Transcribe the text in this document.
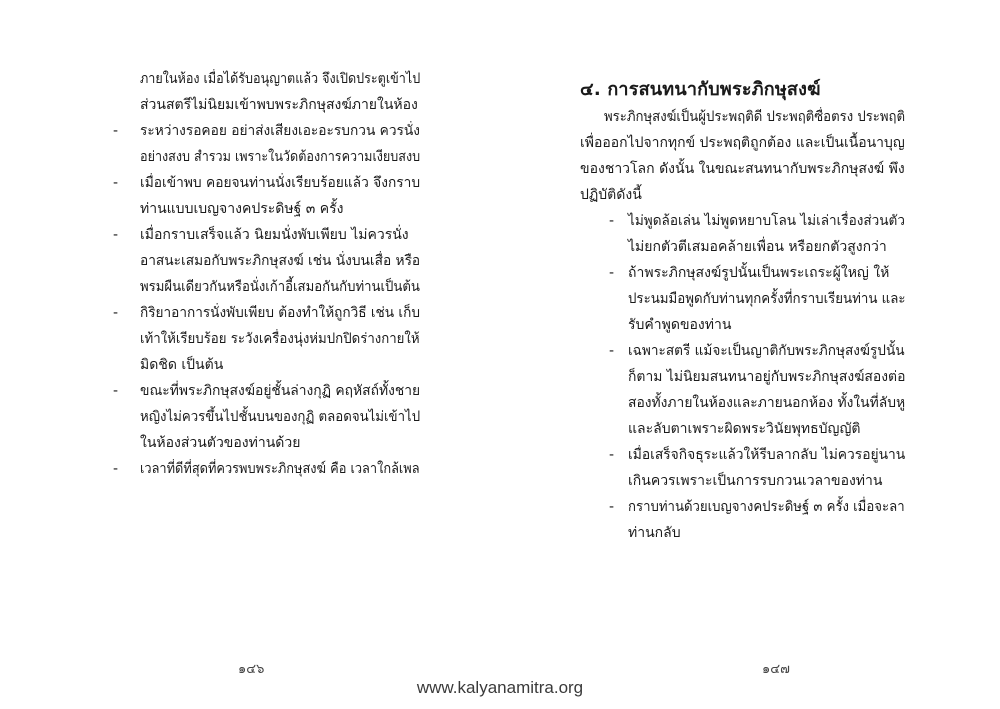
ภายในห้อง เมื่อได้รับอนุญาตแล้ว จึงเปิดประตูเข้าไป
ส่วนสตรีไม่นิยมเข้าพบพระภิกษุสงฆ์ภายในห้อง
- ระหว่างรอคอย อย่าส่งเสียงเอะอะรบกวน ควรนั่ง
อย่างสงบ สำรวม เพราะในวัดต้องการความเงียบสงบ
- เมื่อเข้าพบ คอยจนท่านนั่งเรียบร้อยแล้ว จึงกราบ
ท่านแบบเบญจางคประดิษฐ์ ๓ ครั้ง
- เมื่อกราบเสร็จแล้ว นิยมนั่งพับเพียบ ไม่ควรนั่ง
อาสนะเสมอกับพระภิกษุสงฆ์ เช่น นั่งบนเสื่อ หรือ
พรมผืนเดียวกันหรือนั่งเก้าอี้เสมอกันกับท่านเป็นต้น
- กิริยาอาการนั่งพับเพียบ ต้องทำให้ถูกวิธี เช่น เก็บ
เท้าให้เรียบร้อย ระวังเครื่องนุ่งห่มปกปิดร่างกายให้
มิดชิด เป็นต้น
- ขณะที่พระภิกษุสงฆ์อยู่ชั้นล่างกุฏิ คฤหัสถ์ทั้งชาย
หญิงไม่ควรขึ้นไปชั้นบนของกุฏิ ตลอดจนไม่เข้าไป
ในห้องส่วนตัวของท่านด้วย
- เวลาที่ดีที่สุดที่ควรพบพระภิกษุสงฆ์ คือ เวลาใกล้เพล
๑๔๖
๔. การสนทนากับพระภิกษุสงฆ์
พระภิกษุสงฆ์เป็นผู้ประพฤติดี ประพฤติซื่อตรง ประพฤติ
เพื่อออกไปจากทุกข์ ประพฤติถูกต้อง และเป็นเนื้อนาบุญ
ของชาวโลก ดังนั้น ในขณะสนทนากับพระภิกษุสงฆ์ พึง
ปฏิบัติดังนี้
- ไม่พูดล้อเล่น ไม่พูดหยาบโลน ไม่เล่าเรื่องส่วนตัว
ไม่ยกตัวตีเสมอคล้ายเพื่อน หรือยกตัวสูงกว่า
- ถ้าพระภิกษุสงฆ์รูปนั้นเป็นพระเถระผู้ใหญ่ ให้
ประนมมือพูดกับท่านทุกครั้งที่กราบเรียนท่าน และ
รับคำพูดของท่าน
- เฉพาะสตรี แม้จะเป็นญาติกับพระภิกษุสงฆ์รูปนั้น
ก็ตาม ไม่นิยมสนทนาอยู่กับพระภิกษุสงฆ์สองต่อ
สองทั้งภายในห้องและภายนอกห้อง ทั้งในที่ลับหู
และลับตาเพราะผิดพระวินัยพุทธบัญญัติ
- เมื่อเสร็จกิจธุระแล้วให้รีบลากลับ ไม่ควรอยู่นาน
เกินควรเพราะเป็นการรบกวนเวลาของท่าน
- กราบท่านด้วยเบญจางคประดิษฐ์ ๓ ครั้ง เมื่อจะลา
ท่านกลับ
๑๔๗
www.kalyanamitra.org
